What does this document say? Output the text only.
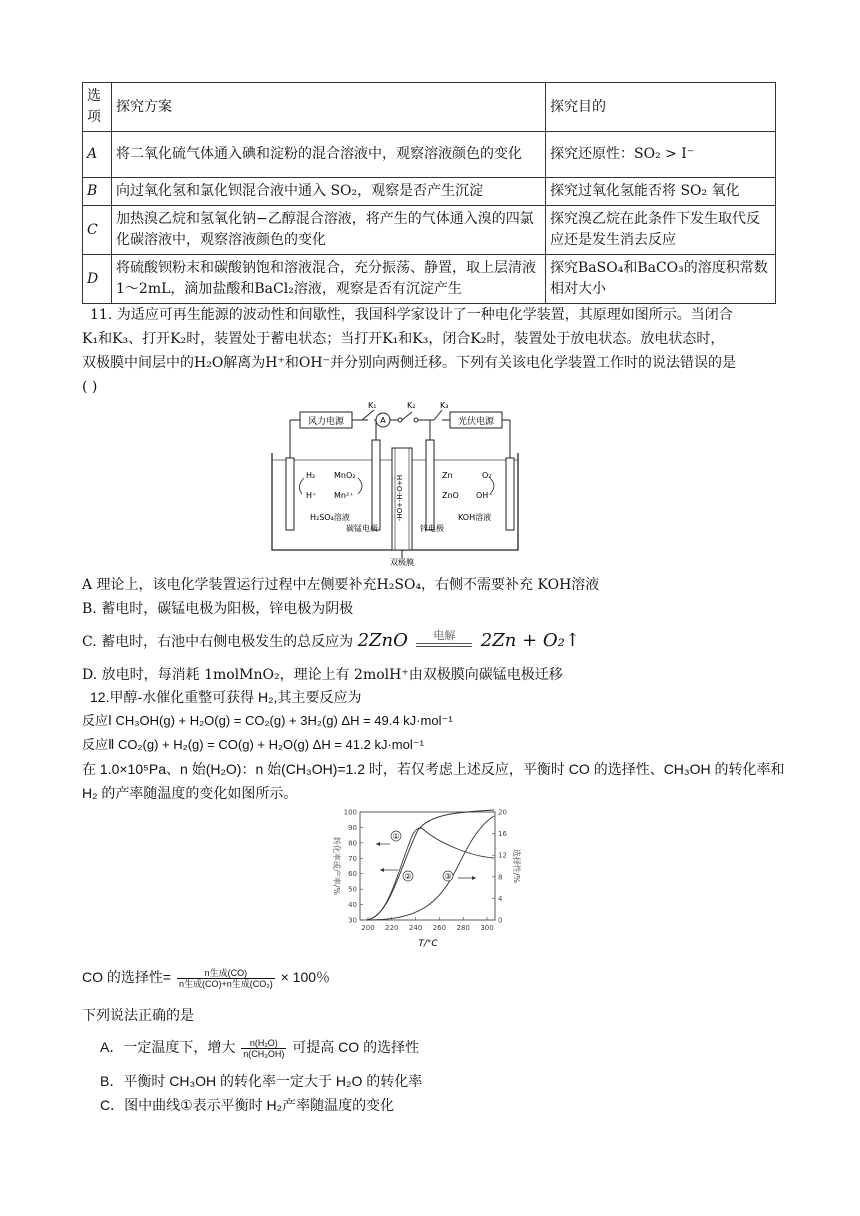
选项	探究方案	探究目的
A	将二氧化硫气体通入碘和淀粉的混合溶液中，观察溶液颜色的变化	探究还原性：SO₂ > I⁻
B	向过氧化氢和氯化钡混合液中通入 SO₂，观察是否产生沉淀	探究过氧化氢能否将 SO₂ 氧化
C	加热溴乙烷和氢氧化钠−乙醇混合溶液，将产生的气体通入溴的四氯化碳溶液中，观察溶液颜色的变化	探究溴乙烷在此条件下发生取代反应还是发生消去反应
D	将硫酸钡粉末和碳酸钠饱和溶液混合，充分振荡、静置，取上层清液 1～2mL，滴加盐酸和BaCl₂溶液，观察是否有沉淀产生	探究BaSO₄和BaCO₃的溶度积常数相对大小
11. 为适应可再生能源的波动性和间歇性，我国科学家设计了一种电化学装置，其原理如图所示。当闭合
K₁和K₃、打开K₂时，装置处于蓄电状态；当打开K₁和K₃，闭合K₂时，装置处于放电状态。放电状态时，
双极膜中间层中的H₂O解离为H⁺和OH⁻并分别向两侧迁移。下列有关该电化学装置工作时的说法错误的是
( )
风力电源	光伏电源
K₁
A
K₂	K₃
-HO+-H-O+H
H₂ MnO₂
H⁺ Mn²⁺
H₂SO₄溶液
碳锰电极
Zn	O₂
ZnO OH⁻
KOH溶液
锌电极
双极膜
A 理论上，该电化学装置运行过程中左侧要补充H₂SO₄，右侧不需要补充 KOH溶液
B. 蓄电时，碳锰电极为阳极，锌电极为阴极
C. 蓄电时，右池中右侧电极发生的总反应为 2ZnO	电解	2Zn + O₂↑
D. 放电时，每消耗 1molMnO₂，理论上有 2molH⁺由双极膜向碳锰电极迁移
12.甲醇-水催化重整可获得 H₂,其主要反应为
反应Ⅰ CH₃OH(g) + H₂O(g) = CO₂(g) + 3H₂(g) ΔH = 49.4 kJ·mol⁻¹
反应Ⅱ CO₂(g) + H₂(g) = CO(g) + H₂O(g) ΔH = 41.2 kJ·mol⁻¹
在 1.0×10⁵Pa、n 始(H₂O)：n 始(CH₃OH)=1.2 时，若仅考虑上述反应，平衡时 CO 的选择性、CH₃OH 的转化率和
H₂ 的产率随温度的变化如图所示。
100
90
80
70
60
50
40
30
20
16
12
8
4
0
200 220 240 260 280 300
转化率或产率/%	选择性/%
T/°C
①
②	③
CO 的选择性= $\frac{\text{n生成(CO)}}{\text{n生成(CO)+n生成(CO₂)}} \times 100$％
下列说法正确的是
A．一定温度下，增大 $\frac{\text{n(H₂O)}}{\text{n(CH₃OH)}}$ 可提高 CO 的选择性
B．平衡时 CH₃OH 的转化率一定大于 H₂O 的转化率
C．图中曲线①表示平衡时 H₂产率随温度的变化
